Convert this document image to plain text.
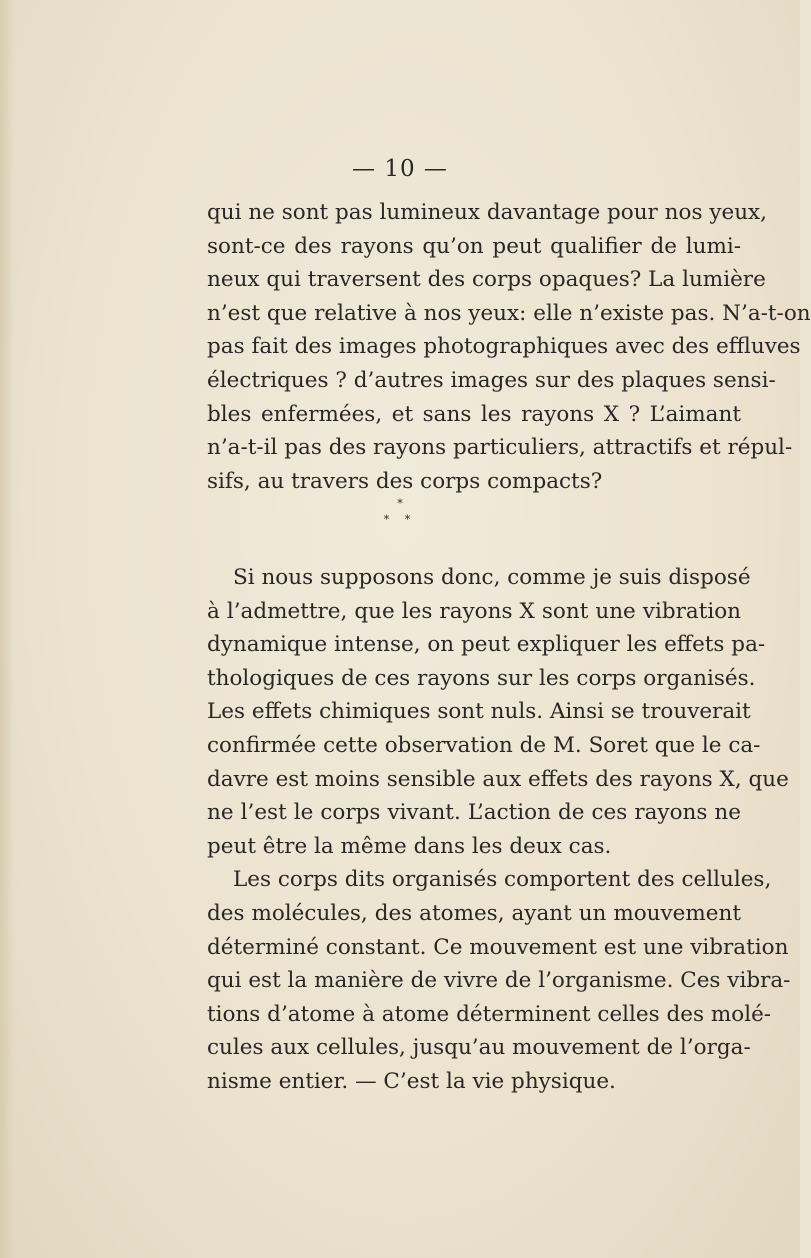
— 10 —
qui ne sont pas lumineux davantage pour nos yeux,
sont-ce des rayons qu’on peut qualifier de lumi-
neux qui traversent des corps opaques? La lumière
n’est que relative à nos yeux: elle n’existe pas. N’a-t-on
pas fait des images photographiques avec des effluves
électriques ? d’autres images sur des plaques sensi-
bles enfermées, et sans les rayons X ? L’aimant
n’a-t-il pas des rayons particuliers, attractifs et répul-
sifs, au travers des corps compacts?
*
* *
Si nous supposons donc, comme je suis disposé
à l’admettre, que les rayons X sont une vibration
dynamique intense, on peut expliquer les effets pa-
thologiques de ces rayons sur les corps organisés.
Les effets chimiques sont nuls. Ainsi se trouverait
confirmée cette observation de M. Soret que le ca-
davre est moins sensible aux effets des rayons X, que
ne l’est le corps vivant. L’action de ces rayons ne
peut être la même dans les deux cas.
Les corps dits organisés comportent des cellules,
des molécules, des atomes, ayant un mouvement
déterminé constant. Ce mouvement est une vibration
qui est la manière de vivre de l’organisme. Ces vibra-
tions d’atome à atome déterminent celles des molé-
cules aux cellules, jusqu’au mouvement de l’orga-
nisme entier. — C’est la vie physique.
